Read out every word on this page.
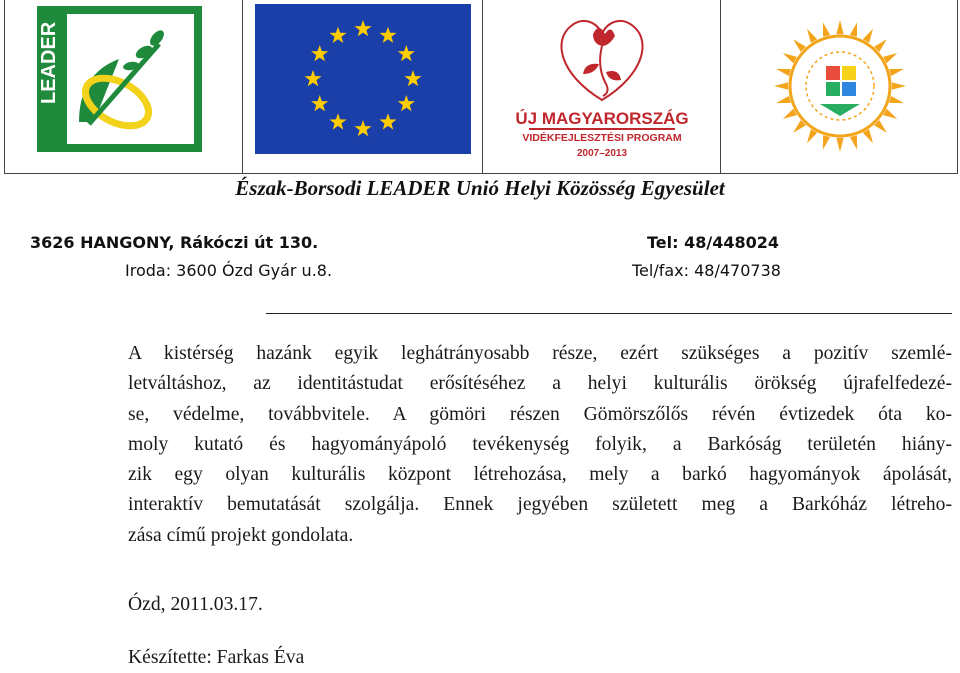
LEADER
ÚJ MAGYARORSZÁG
VIDÉKFEJLESZTÉSI PROGRAM
2007–2013
Észak-Borsodi LEADER Unió Helyi Közösség Egyesület
3626 HANGONY, Rákóczi út 130.	Tel: 48/448024
Iroda: 3600 Ózd Gyár u.8.	Tel/fax: 48/470738
A kistérség hazánk egyik leghátrányosabb része, ezért szükséges a pozitív szemlé-
letváltáshoz, az identitástudat erősítéséhez a helyi kulturális örökség újrafelfedezé-
se, védelme, továbbvitele. A gömöri részen Gömörszőlős révén évtizedek óta ko-
moly kutató és hagyományápoló tevékenység folyik, a Barkóság területén hiány-
zik egy olyan kulturális központ létrehozása, mely a barkó hagyományok ápolását,
interaktív bemutatását szolgálja. Ennek jegyében született meg a Barkóház létreho-
zása című projekt gondolata.
Ózd, 2011.03.17.
Készítette: Farkas Éva
